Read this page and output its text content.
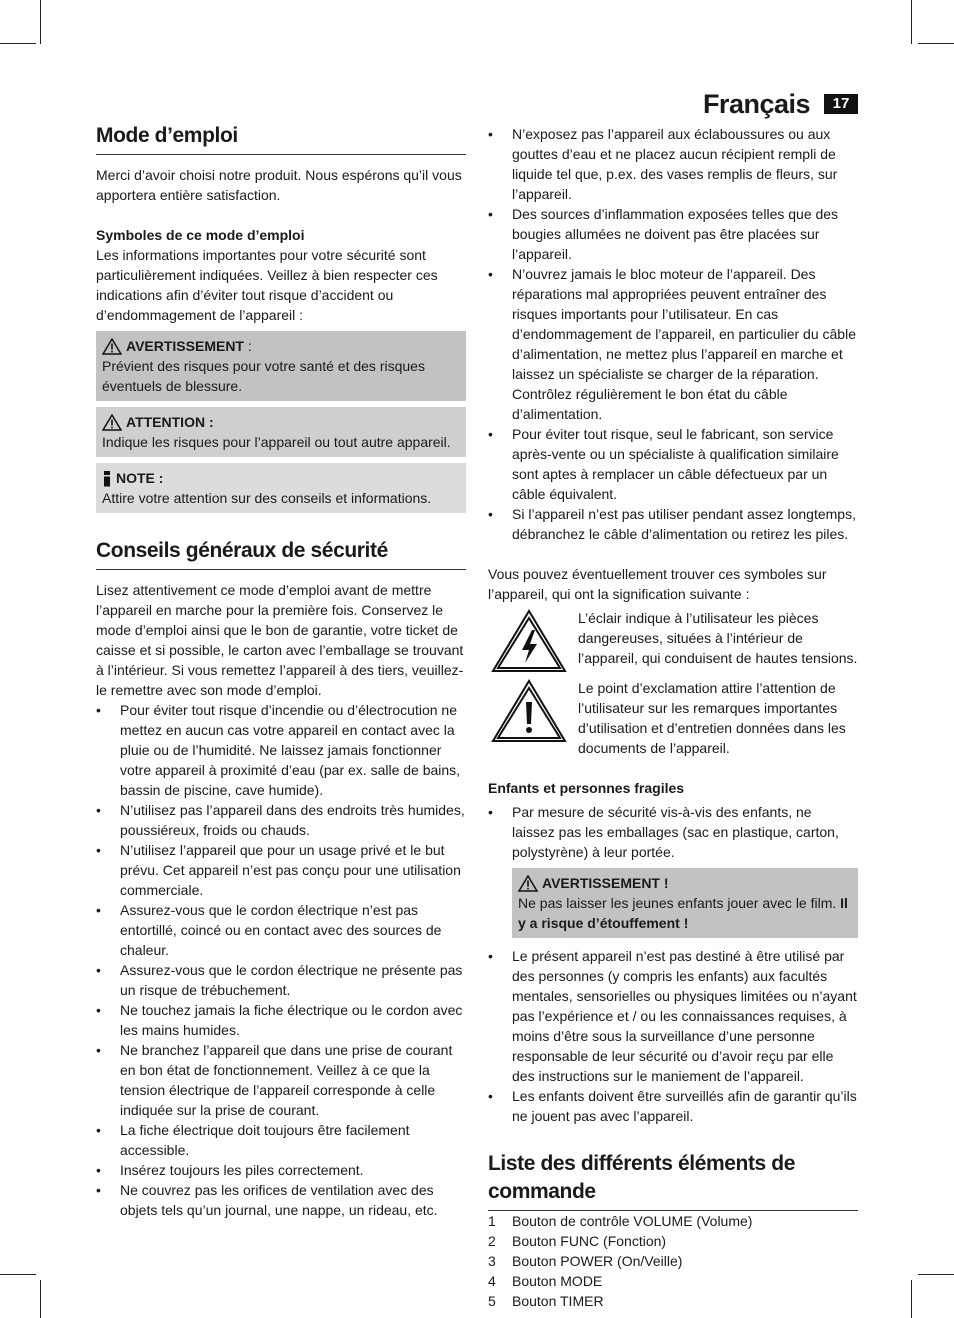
Français	17
Mode d’emploi

Merci d’avoir choisi notre produit. Nous espérons qu’il vous apportera entière satisfaction.

Symboles de ce mode d’emploi

Les informations importantes pour votre sécurité sont particulièrement indiquées. Veillez à bien respecter ces indications afin d’éviter tout risque d’accident ou d’endommagement de l’appareil :

AVERTISSEMENT :

Prévient des risques pour votre santé et des risques éventuels de blessure.

ATTENTION :

Indique les risques pour l’appareil ou tout autre appareil.

NOTE :

Attire votre attention sur des conseils et informations.

Conseils généraux de sécurité

Lisez attentivement ce mode d’emploi avant de mettre l’appareil en marche pour la première fois. Conservez le mode d’emploi ainsi que le bon de garantie, votre ticket de caisse et si possible, le carton avec l’emballage se trouvant à l’intérieur. Si vous remettez l’appareil à des tiers, veuillez-le remettre avec son mode d’emploi.

• Pour éviter tout risque d’incendie ou d’électrocution ne mettez en aucun cas votre appareil en contact avec la pluie ou de l’humidité. Ne laissez jamais fonctionner votre appareil à proximité d’eau (par ex. salle de bains, bassin de piscine, cave humide).
• N’utilisez pas l’appareil dans des endroits très humides, poussiéreux, froids ou chauds.
• N’utilisez l’appareil que pour un usage privé et le but prévu. Cet appareil n’est pas conçu pour une utilisation commerciale.
• Assurez-vous que le cordon électrique n’est pas entortillé, coincé ou en contact avec des sources de chaleur.
• Assurez-vous que le cordon électrique ne présente pas un risque de trébuchement.
• Ne touchez jamais la fiche électrique ou le cordon avec les mains humides.
• Ne branchez l’appareil que dans une prise de courant en bon état de fonctionnement. Veillez à ce que la tension électrique de l’appareil corresponde à celle indiquée sur la prise de courant.
• La fiche électrique doit toujours être facilement accessible.
• Insérez toujours les piles correctement.
• Ne couvrez pas les orifices de ventilation avec des objets tels qu’un journal, une nappe, un rideau, etc.
• N’exposez pas l’appareil aux éclaboussures ou aux gouttes d’eau et ne placez aucun récipient rempli de liquide tel que, p.ex. des vases remplis de fleurs, sur l’appareil.
• Des sources d’inflammation exposées telles que des bougies allumées ne doivent pas être placées sur l’appareil.
• N’ouvrez jamais le bloc moteur de l’appareil. Des réparations mal appropriées peuvent entraîner des risques importants pour l’utilisateur. En cas d’endommagement de l’appareil, en particulier du câble d’alimentation, ne mettez plus l’appareil en marche et laissez un spécialiste se charger de la réparation. Contrôlez régulièrement le bon état du câble d’alimentation.
• Pour éviter tout risque, seul le fabricant, son service après-vente ou un spécialiste à qualification similaire sont aptes à remplacer un câble défectueux par un câble équivalent.
• Si l’appareil n’est pas utiliser pendant assez longtemps, débranchez le câble d’alimentation ou retirez les piles.

Vous pouvez éventuellement trouver ces symboles sur l’appareil, qui ont la signification suivante :

L’éclair indique à l’utilisateur les pièces dangereuses, situées à l’intérieur de l’appareil, qui conduisent de hautes tensions.

Le point d’exclamation attire l’attention de l’utilisateur sur les remarques importantes d’utilisation et d’entretien données dans les documents de l’appareil.

Enfants et personnes fragiles
• Par mesure de sécurité vis-à-vis des enfants, ne laissez pas les emballages (sac en plastique, carton, polystyrène) à leur portée.
AVERTISSEMENT !

Ne pas laisser les jeunes enfants jouer avec le film. Il y a risque d’étouffement !

• Le présent appareil n’est pas destiné à être utilisé par des personnes (y compris les enfants) aux facultés mentales, sensorielles ou physiques limitées ou n’ayant pas l’expérience et / ou les connaissances requises, à moins d’être sous la surveillance d’une personne responsable de leur sécurité ou d’avoir reçu par elle des instructions sur le maniement de l’appareil.
• Les enfants doivent être surveillés afin de garantir qu’ils ne jouent pas avec l’appareil.
Liste des différents éléments de commande
1	Bouton de contrôle VOLUME (Volume)
2	Bouton FUNC (Fonction)
3	Bouton POWER (On/Veille)
4	Bouton MODE
5	Bouton TIMER
